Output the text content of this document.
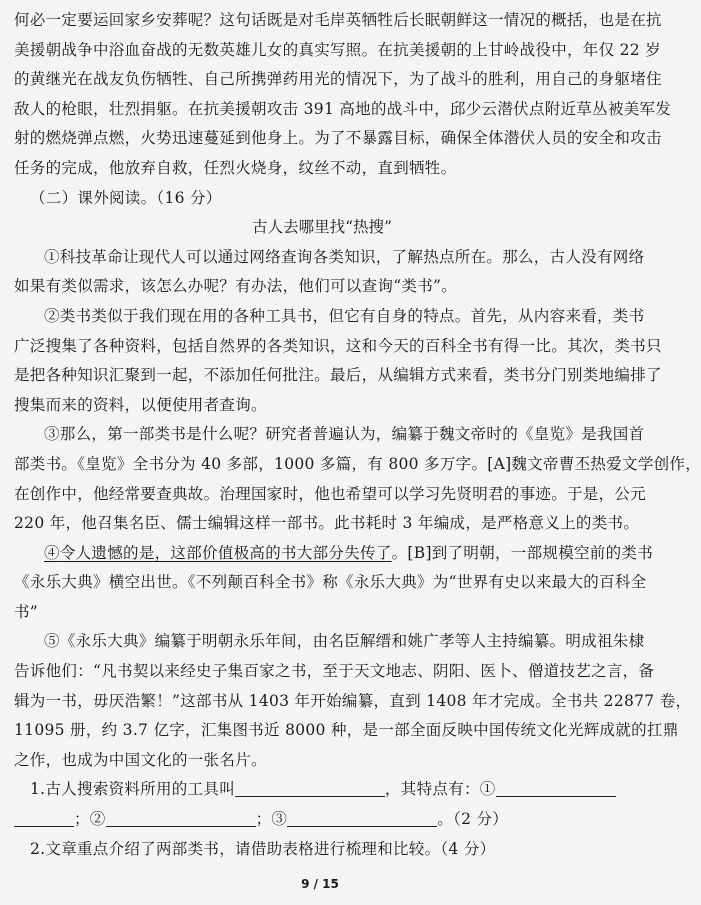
何必一定要运回家乡安葬呢？这句话既是对毛岸英牺牲后长眠朝鲜这一情况的概括，也是在抗
美援朝战争中浴血奋战的无数英雄儿女的真实写照。在抗美援朝的上甘岭战役中，年仅 22 岁
的黄继光在战友负伤牺牲、自己所携弹药用光的情况下，为了战斗的胜利，用自己的身躯堵住
敌人的枪眼，壮烈捐躯。在抗美援朝攻击 391 高地的战斗中，邱少云潜伏点附近草丛被美军发
射的燃烧弹点燃，火势迅速蔓延到他身上。为了不暴露目标，确保全体潜伏人员的安全和攻击
任务的完成，他放弃自救，任烈火烧身，纹丝不动，直到牺牲。
（二）课外阅读。（16 分）
古人去哪里找“热搜”
①科技革命让现代人可以通过网络查询各类知识，了解热点所在。那么，古人没有网络
如果有类似需求，该怎么办呢？有办法，他们可以查询“类书”。
②类书类似于我们现在用的各种工具书，但它有自身的特点。首先，从内容来看，类书
广泛搜集了各种资料，包括自然界的各类知识，这和今天的百科全书有得一比。其次，类书只
是把各种知识汇聚到一起，不添加任何批注。最后，从编辑方式来看，类书分门别类地编排了
搜集而来的资料，以便使用者查询。
③那么，第一部类书是什么呢？研究者普遍认为，编纂于魏文帝时的《皇览》是我国首
部类书。《皇览》全书分为 40 多部，1000 多篇，有 800 多万字。[A]魏文帝曹丕热爱文学创作，
在创作中，他经常要查典故。治理国家时，他也希望可以学习先贤明君的事迹。于是，公元
220 年，他召集名臣、儒士编辑这样一部书。此书耗时 3 年编成，是严格意义上的类书。
④令人遗憾的是，这部价值极高的书大部分失传了。[B]到了明朝，一部规模空前的类书
《永乐大典》横空出世。《不列颠百科全书》称《永乐大典》为“世界有史以来最大的百科全
书”
⑤《永乐大典》编纂于明朝永乐年间，由名臣解缙和姚广孝等人主持编纂。明成祖朱棣
告诉他们：“凡书契以来经史子集百家之书，至于天文地志、阴阳、医卜、僧道技艺之言，备
辑为一书，毋厌浩繁！”这部书从 1403 年开始编纂，直到 1408 年才完成。全书共 22877 卷，
11095 册，约 3.7 亿字，汇集图书近 8000 种，是一部全面反映中国传统文化光辉成就的扛鼎
之作，也成为中国文化的一张名片。
1.古人搜索资料所用的工具叫	，其特点有：①
；②	；③	。（2 分）
2.文章重点介绍了两部类书，请借助表格进行梳理和比较。（4 分）
9 / 15
